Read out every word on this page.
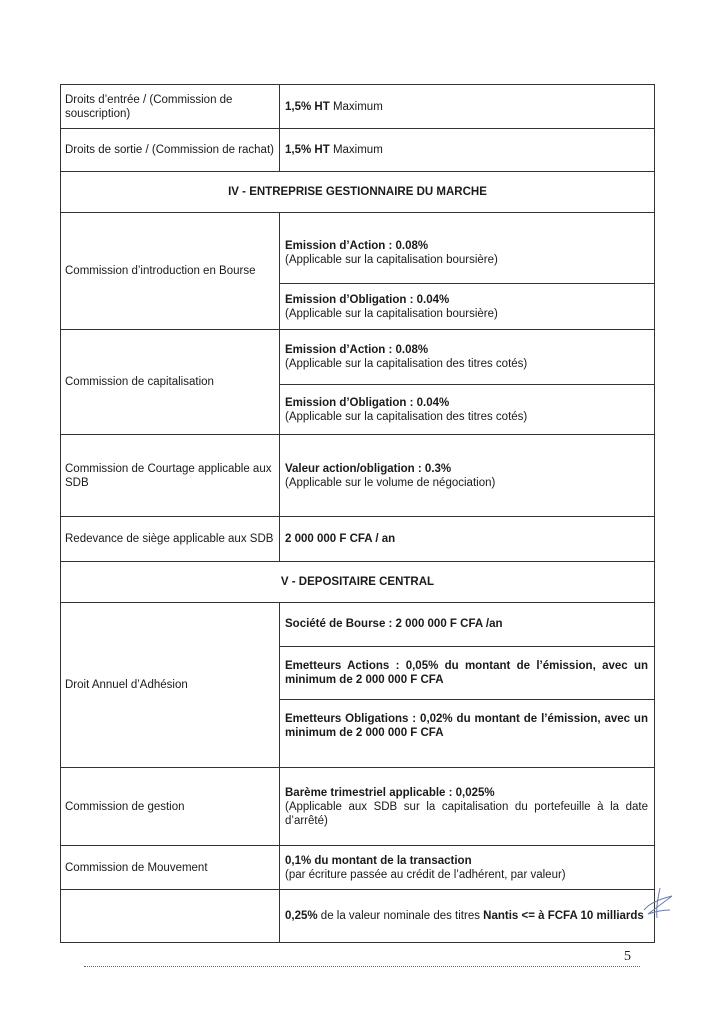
Droits d’entrée / (Commission de souscription)
1,5% HT Maximum
Droits de sortie / (Commission de rachat) 1,5% HT Maximum
IV - ENTREPRISE GESTIONNAIRE DU MARCHE
Commission d’introduction en Bourse
Emission d’Action : 0.08%
(Applicable sur la capitalisation boursière)
Emission d’Obligation : 0.04%
(Applicable sur la capitalisation boursière)
Commission de capitalisation
Emission d’Action : 0.08%
(Applicable sur la capitalisation des titres cotés)
Emission d’Obligation : 0.04%
(Applicable sur la capitalisation des titres cotés)
Commission de Courtage applicable aux SDB
Valeur action/obligation : 0.3%
(Applicable sur le volume de négociation)
Redevance de siège applicable aux SDB	2 000 000 F CFA / an
V - DEPOSITAIRE CENTRAL
Droit Annuel d’Adhésion
Société de Bourse : 2 000 000 F CFA /an
Emetteurs Actions : 0,05% du montant de l’émission, avec un minimum de 2 000 000 F CFA
Emetteurs Obligations : 0,02% du montant de l’émission, avec un minimum de 2 000 000 F CFA
Commission de gestion
Barème trimestriel applicable : 0,025%
(Applicable aux SDB sur la capitalisation du portefeuille à la date d’arrêté)
Commission de Mouvement
0,1% du montant de la transaction
(par écriture passée au crédit de l’adhérent, par valeur)
0,25% de la valeur nominale des titres Nantis <= à FCFA 10 milliards
5
